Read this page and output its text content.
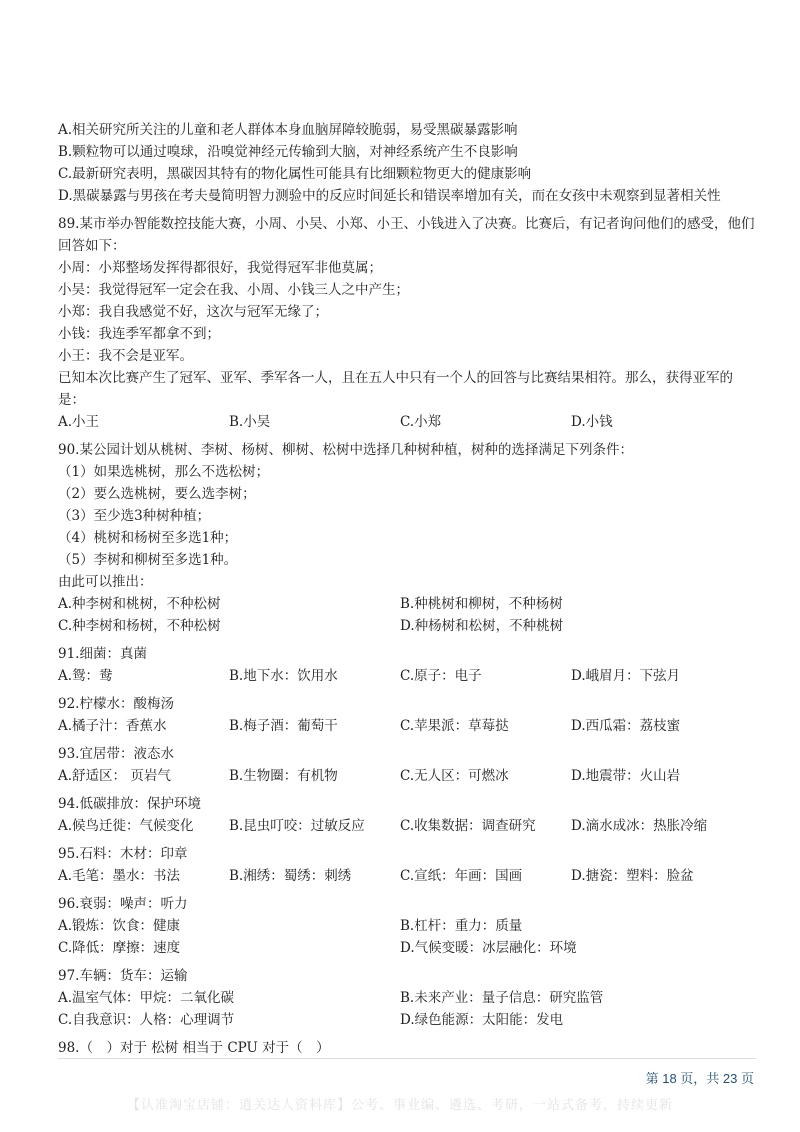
A.相关研究所关注的儿童和老人群体本身血脑屏障较脆弱，易受黑碳暴露影响
B.颗粒物可以通过嗅球，沿嗅觉神经元传输到大脑，对神经系统产生不良影响
C.最新研究表明，黑碳因其特有的物化属性可能具有比细颗粒物更大的健康影响
D.黑碳暴露与男孩在考夫曼简明智力测验中的反应时间延长和错误率增加有关，而在女孩中未观察到显著相关性
89.某市举办智能数控技能大赛，小周、小吴、小郑、小王、小钱进入了决赛。比赛后，有记者询问他们的感受，他们回答如下：
小周：小郑整场发挥得都很好，我觉得冠军非他莫属；
小吴：我觉得冠军一定会在我、小周、小钱三人之中产生；
小郑：我自我感觉不好，这次与冠军无缘了；
小钱：我连季军都拿不到；
小王：我不会是亚军。
已知本次比赛产生了冠军、亚军、季军各一人，且在五人中只有一个人的回答与比赛结果相符。那么，获得亚军的是：
A.小王	B.小吴	C.小郑	D.小钱
90.某公园计划从桃树、李树、杨树、柳树、松树中选择几种树种植，树种的选择满足下列条件：
（1）如果选桃树，那么不选松树；
（2）要么选桃树，要么选李树；
（3）至少选3种树种植；
（4）桃树和杨树至多选1种；
（5）李树和柳树至多选1种。
由此可以推出：
A.种李树和桃树，不种松树	B.种桃树和柳树，不种杨树
C.种李树和杨树，不种松树	D.种杨树和松树，不种桃树
91.细菌：真菌
A.鸳：鸯	B.地下水：饮用水	C.原子：电子	D.峨眉月：下弦月
92.柠檬水：酸梅汤
A.橘子汁：香蕉水	B.梅子酒：葡萄干	C.苹果派：草莓挞	D.西瓜霜：荔枝蜜
93.宜居带：液态水
A.舒适区： 页岩气	B.生物圈：有机物	C.无人区：可燃冰	D.地震带：火山岩
94.低碳排放：保护环境
A.候鸟迁徙：气候变化	B.昆虫叮咬：过敏反应	C.收集数据：调查研究	D.滴水成冰：热胀冷缩
95.石料：木材：印章
A.毛笔：墨水：书法	B.湘绣：蜀绣：刺绣	C.宣纸：年画：国画	D.搪瓷：塑料：脸盆
96.衰弱：噪声：听力
A.锻炼：饮食：健康	B.杠杆：重力：质量
C.降低：摩擦：速度	D.气候变暖：冰层融化：环境
97.车辆：货车：运输
A.温室气体：甲烷：二氧化碳	B.未来产业：量子信息：研究监管
C.自我意识：人格：心理调节	D.绿色能源：太阳能：发电
98.（　）对于 松树 相当于 CPU 对于（　）
第 18 页，共 23 页
【认准淘宝店铺：逍关达人资料库】公考、事业编、遴选、考研，一站式备考，持续更新
